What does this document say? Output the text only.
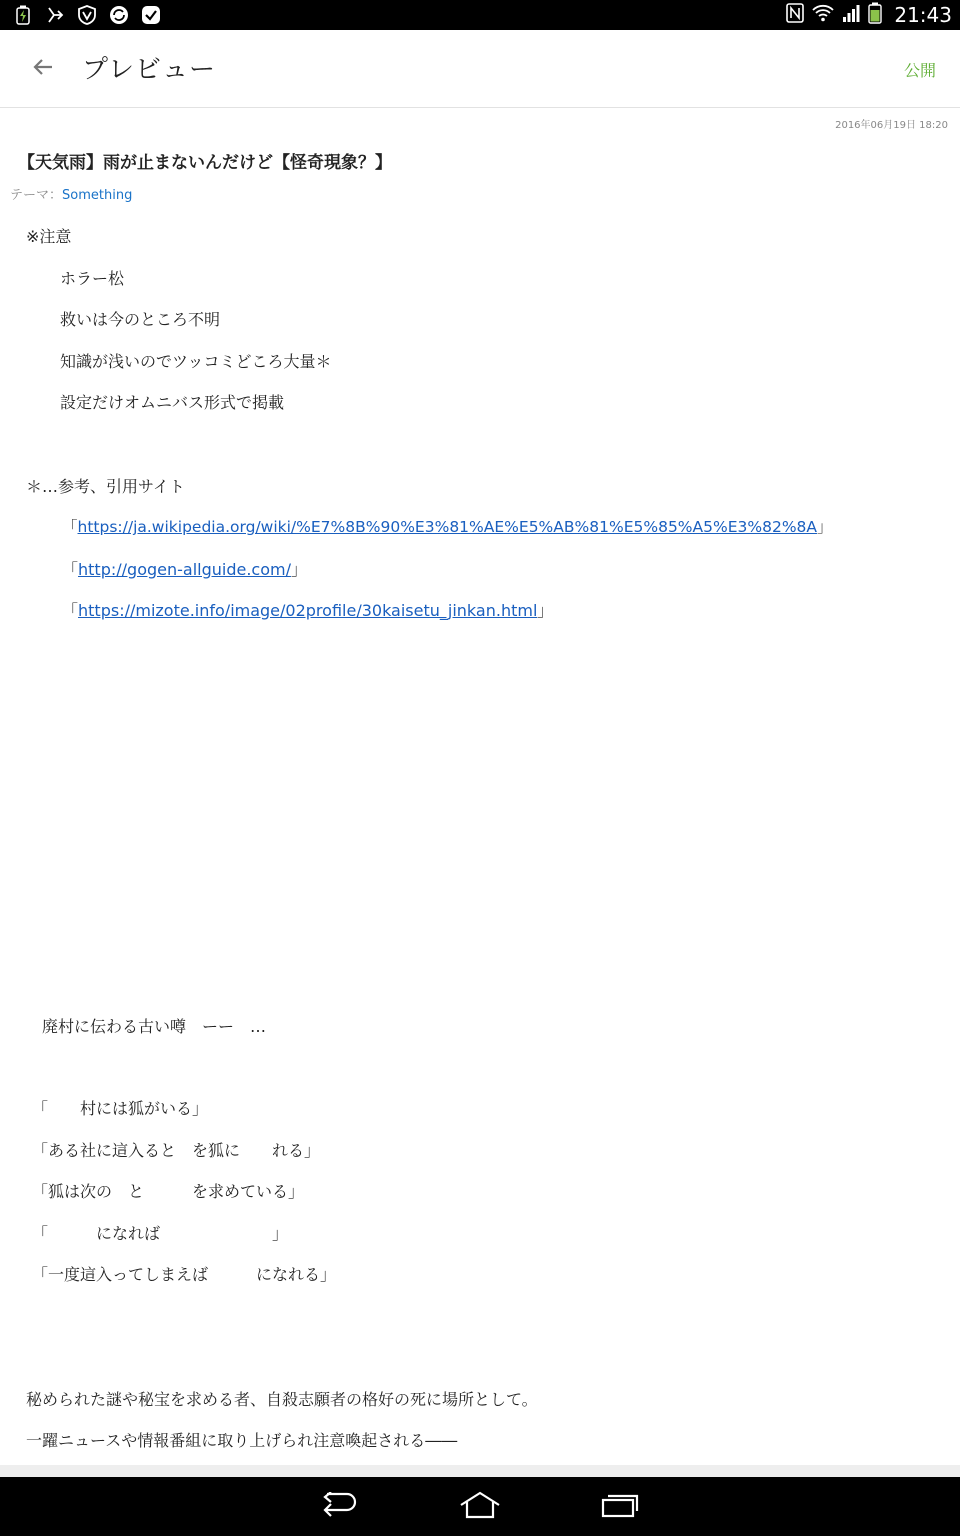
21:43
プレビュー	公開
2016年06月19日 18:20
【天気雨】雨が止まないんだけど【怪奇現象？】
テーマ：Something
※注意
ホラー松
救いは今のところ不明
知識が浅いのでツッコミどころ大量＊
設定だけオムニバス形式で掲載
＊…参考、引用サイト
「https://ja.wikipedia.org/wiki/%E7%8B%90%E3%81%AE%E5%AB%81%E5%85%A5%E3%82%8A」
「http://gogen-allguide.com/」
「https://mizote.info/image/02profile/30kaisetu_jinkan.html」
廃村に伝わる古い噂　ーー　…
「　　村には狐がいる」
「ある社に這入ると　を狐に　　れる」
「狐は次の　と　　　を求めている」
「　　　になれば　　　　　　　」
「一度這入ってしまえば　　　になれる」
秘められた謎や秘宝を求める者、自殺志願者の格好の死に場所として。
一躍ニュースや情報番組に取り上げられ注意喚起される――
